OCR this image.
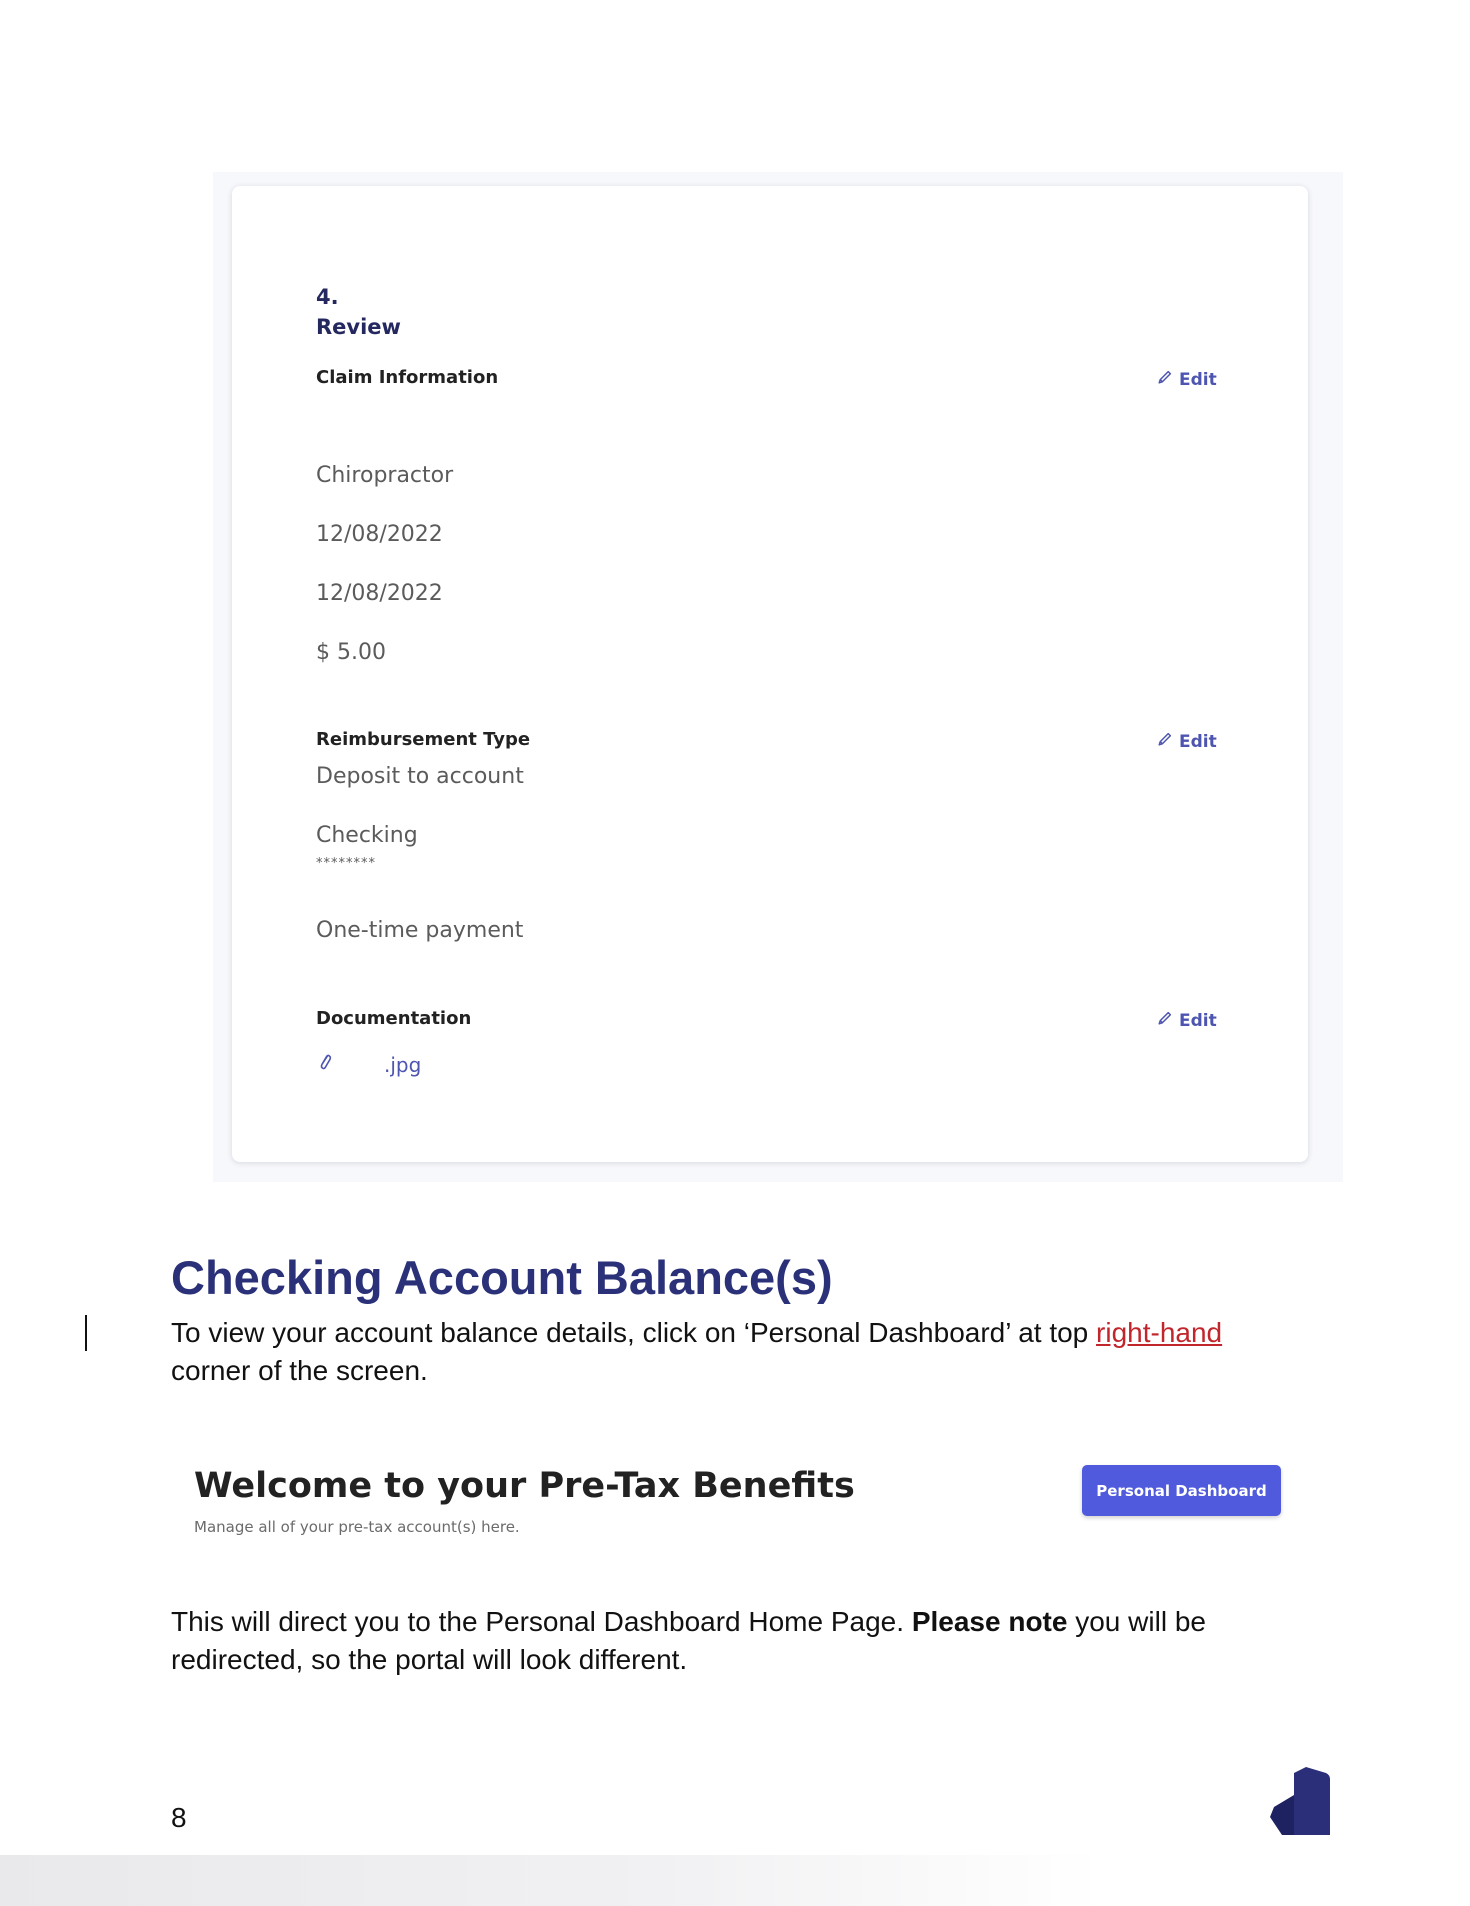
4.
Review
Claim Information	Edit
Chiropractor
12/08/2022
12/08/2022
$ 5.00
Reimbursement Type	Edit
Deposit to account
Checking
********
One-time payment
Documentation	Edit
.jpg
Checking Account Balance(s)

To view your account balance details, click on ‘Personal Dashboard’ at top right-hand corner of the screen.

Welcome to your Pre-Tax Benefits
Manage all of your pre-tax account(s) here.
Personal Dashboard

This will direct you to the Personal Dashboard Home Page. Please note you will be redirected, so the portal will look different.

8
